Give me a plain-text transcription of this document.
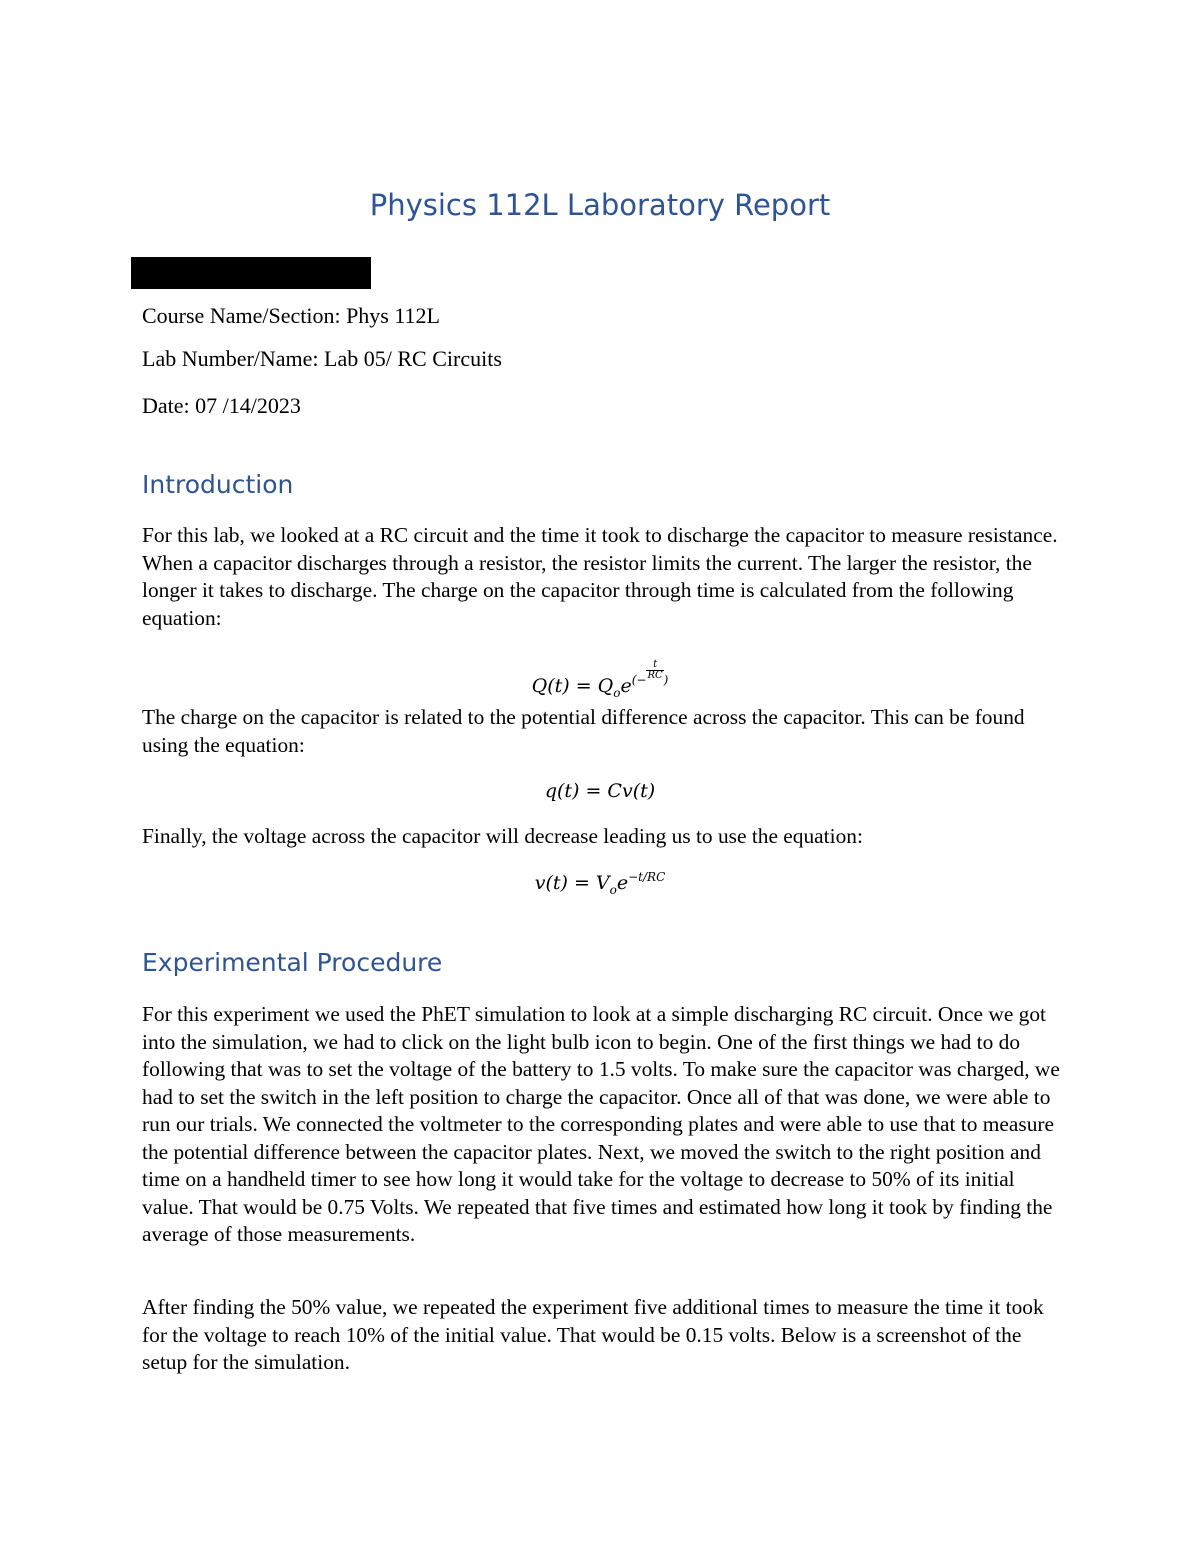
Physics 112L Laboratory Report
Course Name/Section: Phys 112L
Lab Number/Name: Lab 05/ RC Circuits
Date: 07 /14/2023
Introduction
For this lab, we looked at a RC circuit and the time it took to discharge the capacitor to measure resistance. When a capacitor discharges through a resistor, the resistor limits the current. The larger the resistor, the longer it takes to discharge. The charge on the capacitor through time is calculated from the following equation:
$Q(t) = Q_oe^{(- \frac{t}{RC} )}$
The charge on the capacitor is related to the potential difference across the capacitor. This can be found using the equation:
q(t) = Cv(t)
Finally, the voltage across the capacitor will decrease leading us to use the equation:
$v(t) = V_oe^{-t/RC}$
Experimental Procedure
For this experiment we used the PhET simulation to look at a simple discharging RC circuit. Once we got into the simulation, we had to click on the light bulb icon to begin. One of the first things we had to do following that was to set the voltage of the battery to 1.5 volts. To make sure the capacitor was charged, we had to set the switch in the left position to charge the capacitor. Once all of that was done, we were able to run our trials. We connected the voltmeter to the corresponding plates and were able to use that to measure the potential difference between the capacitor plates. Next, we moved the switch to the right position and time on a handheld timer to see how long it would take for the voltage to decrease to 50% of its initial value. That would be 0.75 Volts. We repeated that five times and estimated how long it took by finding the average of those measurements.
After finding the 50% value, we repeated the experiment five additional times to measure the time it took for the voltage to reach 10% of the initial value. That would be 0.15 volts. Below is a screenshot of the setup for the simulation.
